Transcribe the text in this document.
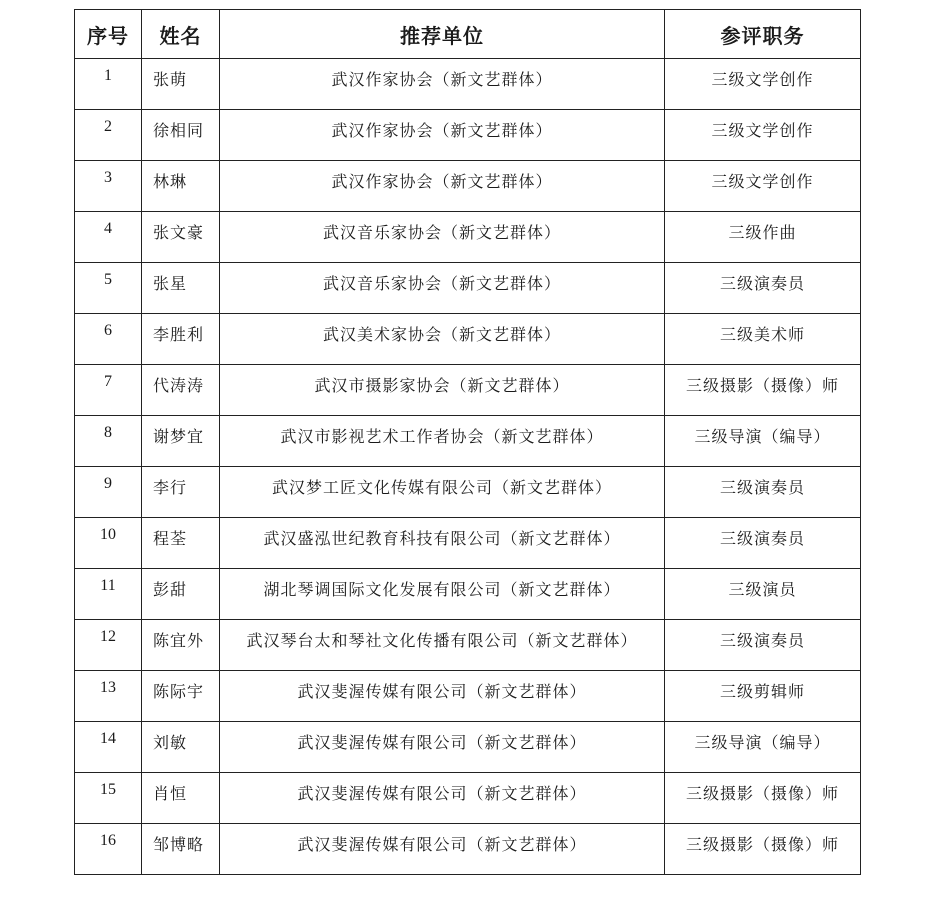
序号	姓名	推荐单位	参评职务
1	张萌	武汉作家协会（新文艺群体）	三级文学创作
2	徐相同	武汉作家协会（新文艺群体）	三级文学创作
3	林琳	武汉作家协会（新文艺群体）	三级文学创作
4	张文豪	武汉音乐家协会（新文艺群体）	三级作曲
5	张星	武汉音乐家协会（新文艺群体）	三级演奏员
6	李胜利	武汉美术家协会（新文艺群体）	三级美术师
7	代涛涛	武汉市摄影家协会（新文艺群体）	三级摄影（摄像）师
8	谢梦宜	武汉市影视艺术工作者协会（新文艺群体）	三级导演（编导）
9	李行	武汉梦工匠文化传媒有限公司（新文艺群体）	三级演奏员
10	程荃	武汉盛泓世纪教育科技有限公司（新文艺群体）	三级演奏员
11	彭甜	湖北琴调国际文化发展有限公司（新文艺群体）	三级演员
12	陈宜外	武汉琴台太和琴社文化传播有限公司（新文艺群体）	三级演奏员
13	陈际宇	武汉斐渥传媒有限公司（新文艺群体）	三级剪辑师
14	刘敏	武汉斐渥传媒有限公司（新文艺群体）	三级导演（编导）
15	肖恒	武汉斐渥传媒有限公司（新文艺群体）	三级摄影（摄像）师
16	邹博略	武汉斐渥传媒有限公司（新文艺群体）	三级摄影（摄像）师
